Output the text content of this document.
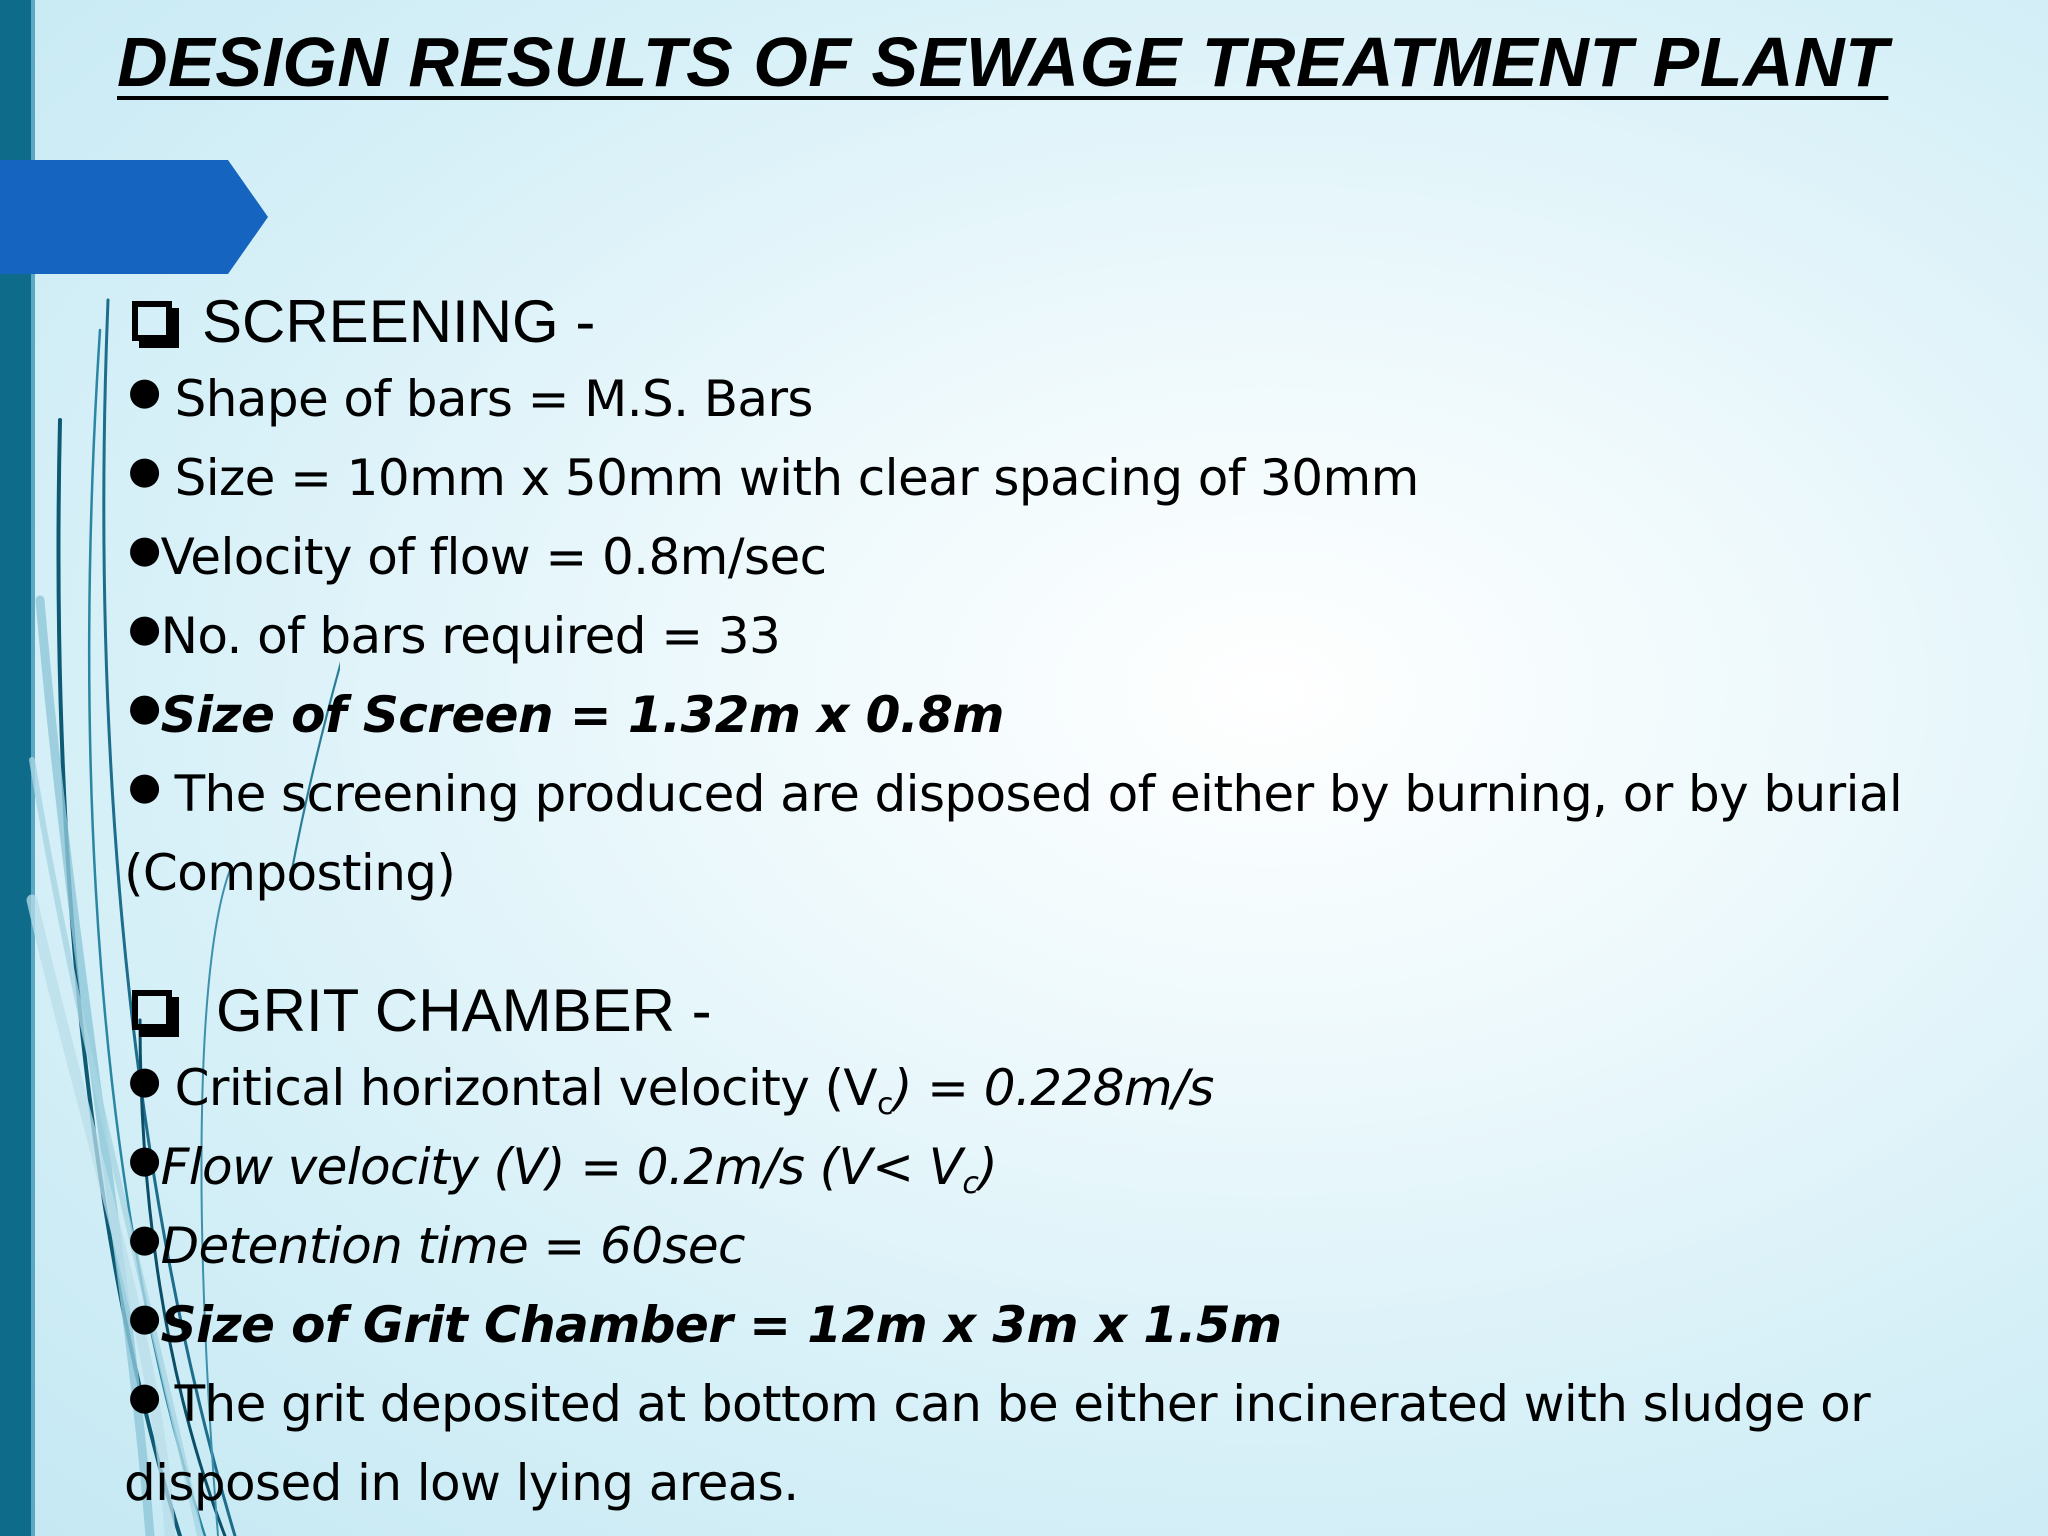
DESIGN RESULTS OF SEWAGE TREATMENT PLANT
SCREENING -
● Shape of bars = M.S. Bars
● Size = 10mm x 50mm with clear spacing of 30mm
●Velocity of flow = 0.8m/sec
●No. of bars required = 33
●Size of Screen = 1.32m x 0.8m
● The screening produced are disposed of either by burning, or by burial (Composting)
GRIT CHAMBER -
● Critical horizontal velocity $(V_c) = 0.228m/s$
●Flow velocity (V) = 0.2m/s $(V< V_c)$
●Detention time = 60sec
●Size of Grit Chamber = 12m x 3m x 1.5m
● The grit deposited at bottom can be either incinerated with sludge or disposed in low lying areas.
